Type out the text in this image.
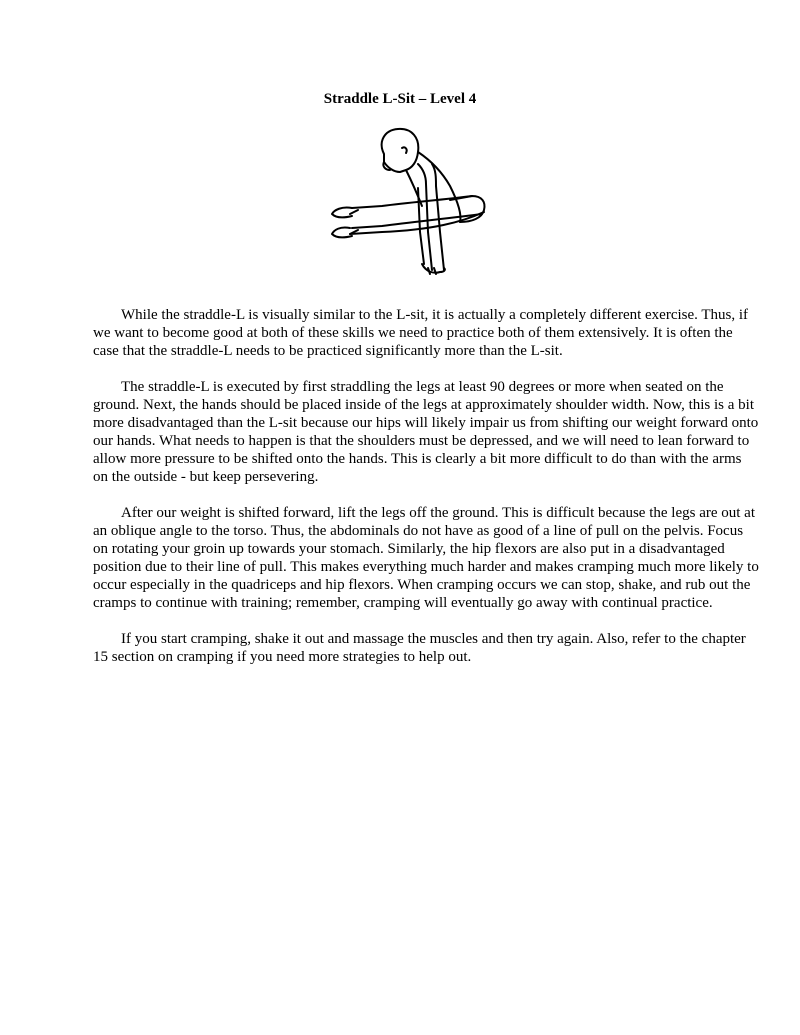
Straddle L-Sit – Level 4

While the straddle-L is visually similar to the L-sit, it is actually a completely different exercise. Thus, if we want to become good at both of these skills we need to practice both of them extensively. It is often the case that the straddle-L needs to be practiced significantly more than the L-sit.

The straddle-L is executed by first straddling the legs at least 90 degrees or more when seated on the ground. Next, the hands should be placed inside of the legs at approximately shoulder width. Now, this is a bit more disadvantaged than the L-sit because our hips will likely impair us from shifting our weight forward onto our hands. What needs to happen is that the shoulders must be depressed, and we will need to lean forward to allow more pressure to be shifted onto the hands. This is clearly a bit more difficult to do than with the arms on the outside - but keep persevering.

After our weight is shifted forward, lift the legs off the ground. This is difficult because the legs are out at an oblique angle to the torso. Thus, the abdominals do not have as good of a line of pull on the pelvis. Focus on rotating your groin up towards your stomach. Similarly, the hip flexors are also put in a disadvantaged position due to their line of pull. This makes everything much harder and makes cramping much more likely to occur especially in the quadriceps and hip flexors. When cramping occurs we can stop, shake, and rub out the cramps to continue with training; remember, cramping will eventually go away with continual practice.

If you start cramping, shake it out and massage the muscles and then try again. Also, refer to the chapter 15 section on cramping if you need more strategies to help out.
